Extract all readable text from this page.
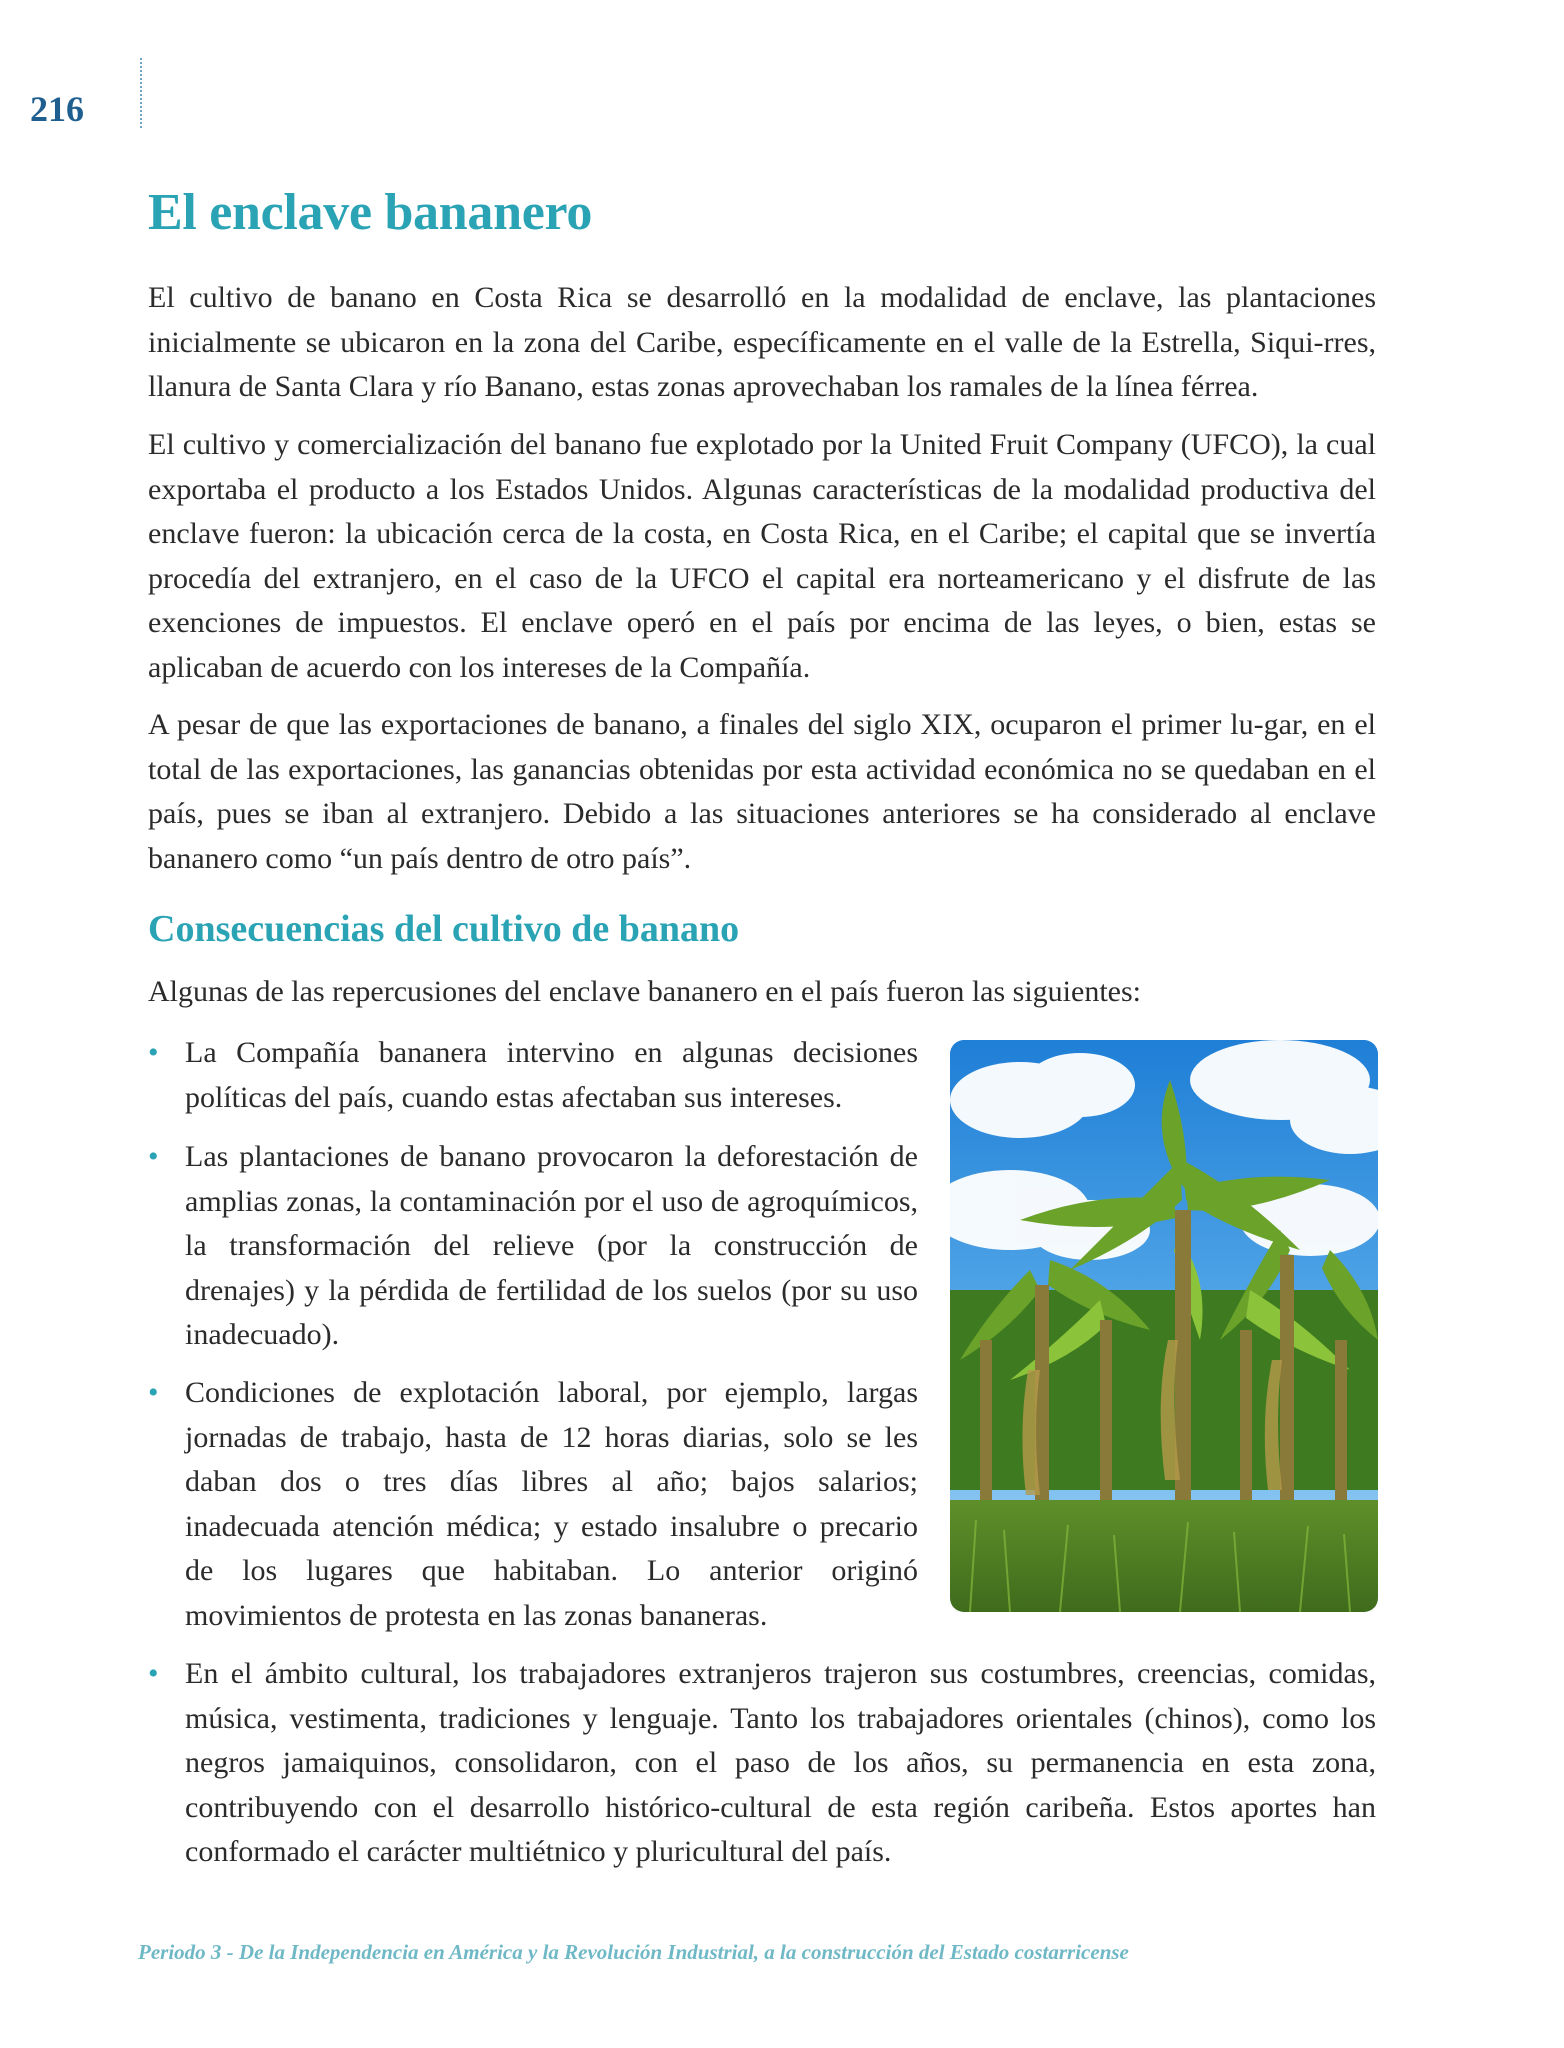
216
El enclave bananero

El cultivo de banano en Costa Rica se desarrolló en la modalidad de enclave, las plantaciones inicialmente se ubicaron en la zona del Caribe, específicamente en el valle de la Estrella, Siqui-rres, llanura de Santa Clara y río Banano, estas zonas aprovechaban los ramales de la línea férrea.

El cultivo y comercialización del banano fue explotado por la United Fruit Company (UFCO), la cual exportaba el producto a los Estados Unidos. Algunas características de la modalidad productiva del enclave fueron: la ubicación cerca de la costa, en Costa Rica, en el Caribe; el capital que se invertía procedía del extranjero, en el caso de la UFCO el capital era norteamericano y el disfrute de las exenciones de impuestos. El enclave operó en el país por encima de las leyes, o bien, estas se aplicaban de acuerdo con los intereses de la Compañía.

A pesar de que las exportaciones de banano, a finales del siglo XIX, ocuparon el primer lu-gar, en el total de las exportaciones, las ganancias obtenidas por esta actividad económica no se quedaban en el país, pues se iban al extranjero. Debido a las situaciones anteriores se ha considerado al enclave bananero como “un país dentro de otro país”.

Consecuencias del cultivo de banano

Algunas de las repercusiones del enclave bananero en el país fueron las siguientes:

• La Compañía bananera intervino en algunas decisiones políticas del país, cuando estas afectaban sus intereses.
• Las plantaciones de banano provocaron la deforestación de amplias zonas, la contaminación por el uso de agroquímicos, la transformación del relieve (por la construcción de drenajes) y la pérdida de fertilidad de los suelos (por su uso inadecuado).
• Condiciones de explotación laboral, por ejemplo, largas jornadas de trabajo, hasta de 12 horas diarias, solo se les daban dos o tres días libres al año; bajos salarios; inadecuada atención médica; y estado insalubre o precario de los lugares que habitaban. Lo anterior originó movimientos de protesta en las zonas bananeras.
• En el ámbito cultural, los trabajadores extranjeros trajeron sus costumbres, creencias, comidas, música, vestimenta, tradiciones y lenguaje. Tanto los trabajadores orientales (chinos), como los negros jamaiquinos, consolidaron, con el paso de los años, su permanencia en esta zona, contribuyendo con el desarrollo histórico-cultural de esta región caribeña. Estos aportes han conformado el carácter multiétnico y pluricultural del país.
Periodo 3 - De la Independencia en América y la Revolución Industrial, a la construcción del Estado costarricense
